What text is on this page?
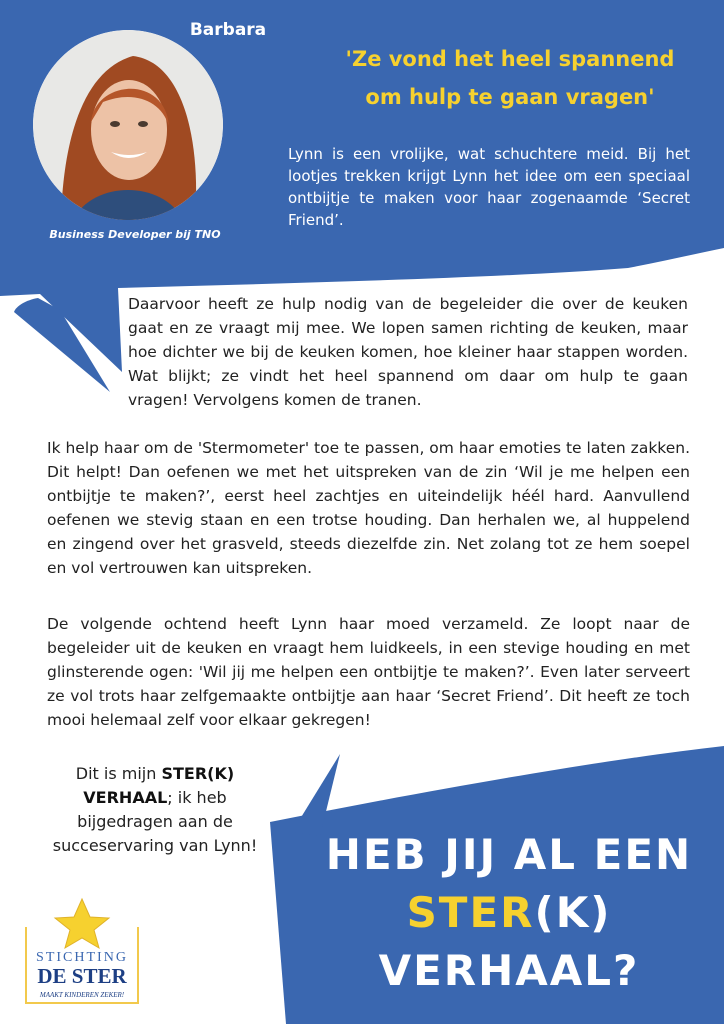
Barbara
Business Developer bij TNO
'Ze vond het heel spannend
om hulp te gaan vragen'
Lynn is een vrolijke, wat schuchtere meid. Bij het lootjes trekken krijgt Lynn het idee om een speciaal ontbijtje te maken voor haar zogenaamde ‘Secret Friend’.
Daarvoor heeft ze hulp nodig van de begeleider die over de keuken gaat en ze vraagt mij mee. We lopen samen richting de keuken, maar hoe dichter we bij de keuken komen, hoe kleiner haar stappen worden. Wat blijkt; ze vindt het heel spannend om daar om hulp te gaan vragen! Vervolgens komen de tranen.
Ik help haar om de 'Stermometer' toe te passen, om haar emoties te laten zakken. Dit helpt! Dan oefenen we met het uitspreken van de zin ‘Wil je me helpen een ontbijtje te maken?’, eerst heel zachtjes en uiteindelijk héél hard. Aanvullend oefenen we stevig staan en een trotse houding. Dan herhalen we, al huppelend en zingend over het grasveld, steeds diezelfde zin. Net zolang tot ze hem soepel en vol vertrouwen kan uitspreken.
De volgende ochtend heeft Lynn haar moed verzameld. Ze loopt naar de begeleider uit de keuken en vraagt hem luidkeels, in een stevige houding en met glinsterende ogen: 'Wil jij me helpen een ontbijtje te maken?’. Even later serveert ze vol trots haar zelfgemaakte ontbijtje aan haar ‘Secret Friend’. Dit heeft ze toch mooi helemaal zelf voor elkaar gekregen!
Dit is mijn STER(K) VERHAAL; ik heb bijgedragen aan de succeservaring van Lynn!	HEB JIJ AL EEN
STER(K)
VERHAAL?
STICHTING
DE STER
MAAKT KINDEREN ZEKER!
